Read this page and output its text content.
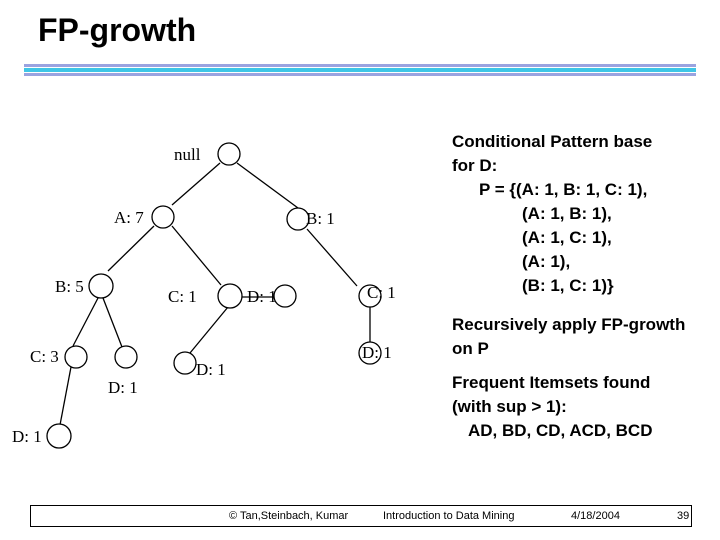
FP-growth
null
A: 7	B: 1
B: 5
C: 1	D: 1	C: 1
C: 3
D: 1
D: 1
D: 1
D: 1
Conditional Pattern base
for D:
P = {(A: 1, B: 1, C: 1),
(A: 1, B: 1),
(A: 1, C: 1),
(A: 1),
(B: 1, C: 1)}
Recursively apply FP-growth on P
Frequent Itemsets found
(with sup > 1):
AD, BD, CD, ACD, BCD
© Tan,Steinbach, Kumar	Introduction to Data Mining	4/18/2004	39
